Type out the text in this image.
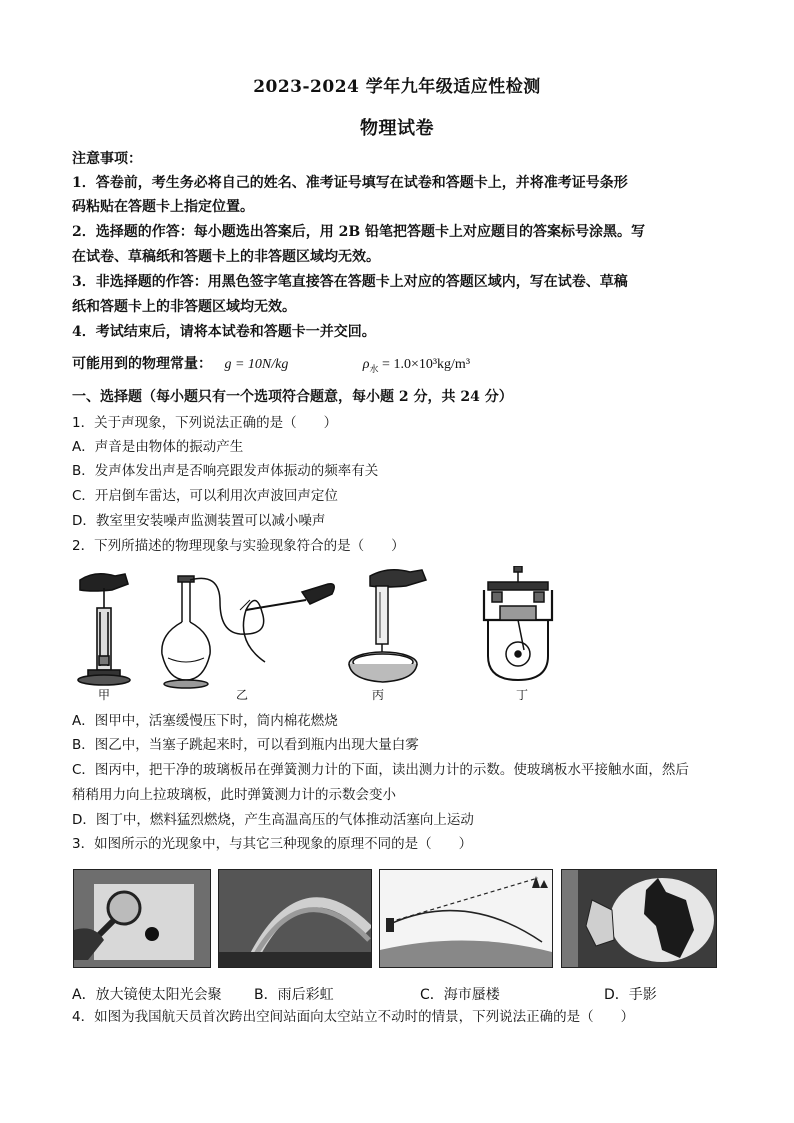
2023-2024 学年九年级适应性检测
物理试卷
注意事项：
1．答卷前，考生务必将自己的姓名、准考证号填写在试卷和答题卡上，并将准考证号条形
码粘贴在答题卡上指定位置。
2．选择题的作答：每小题选出答案后，用 2B 铅笔把答题卡上对应题目的答案标号涂黑。写
在试卷、草稿纸和答题卡上的非答题区域均无效。
3．非选择题的作答：用黑色签字笔直接答在答题卡上对应的答题区域内，写在试卷、草稿
纸和答题卡上的非答题区域均无效。
4．考试结束后，请将本试卷和答题卡一并交回。
可能用到的物理常量： g = 10N/kg	$\rho_水 = 1.0\times 10^3kg/m^3$
一、选择题（每小题只有一个选项符合题意，每小题 2 分，共 24 分）
1．关于声现象，下列说法正确的是（　　）
A．声音是由物体的振动产生
B．发声体发出声是否响亮跟发声体振动的频率有关
C．开启倒车雷达，可以利用次声波回声定位
D．教室里安装噪声监测装置可以减小噪声
2．下列所描述的物理现象与实验现象符合的是（　　）
甲	乙	丙	丁
A．图甲中，活塞缓慢压下时，筒内棉花燃烧
B．图乙中，当塞子跳起来时，可以看到瓶内出现大量白雾
C．图丙中，把干净的玻璃板吊在弹簧测力计的下面，读出测力计的示数。使玻璃板水平接触水面，然后
稍稍用力向上拉玻璃板，此时弹簧测力计的示数会变小
D．图丁中，燃料猛烈燃烧，产生高温高压的气体推动活塞向上运动
3．如图所示的光现象中，与其它三种现象的原理不同的是（　　）
A．放大镜使太阳光会聚 B．雨后彩虹	C．海市蜃楼	D．手影
4．如图为我国航天员首次跨出空间站面向太空站立不动时的情景，下列说法正确的是（　　）
